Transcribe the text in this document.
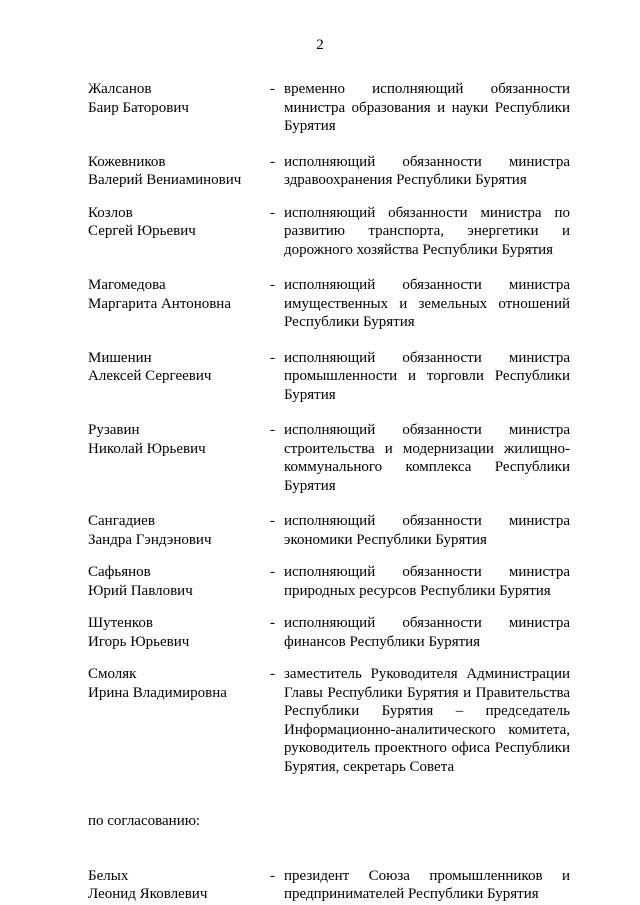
2
Жалсанов
Баир Баторович
- временно исполняющий обязанности министра образования и науки Республики Бурятия
Кожевников
Валерий Вениаминович
- исполняющий обязанности министра здравоохранения Республики Бурятия
Козлов
Сергей Юрьевич
- исполняющий обязанности министра по развитию транспорта, энергетики и дорожного хозяйства Республики Бурятия
Магомедова
Маргарита Антоновна
- исполняющий обязанности министра имущественных и земельных отношений Республики Бурятия
Мишенин
Алексей Сергеевич
- исполняющий обязанности министра промышленности и торговли Республики Бурятия
Рузавин
Николай Юрьевич
- исполняющий обязанности министра строительства и модернизации жилищно-коммунального комплекса Республики Бурятия
Сангадиев
Зандра Гэндэнович
- исполняющий обязанности министра экономики Республики Бурятия
Сафьянов
Юрий Павлович
- исполняющий обязанности министра природных ресурсов Республики Бурятия
Шутенков
Игорь Юрьевич
- исполняющий обязанности министра финансов Республики Бурятия
Смоляк
Ирина Владимировна
- заместитель Руководителя Администрации Главы Республики Бурятия и Правительства Республики Бурятия – председатель Информационно-аналитического комитета, руководитель проектного офиса Республики Бурятия, секретарь Совета
по согласованию:
Белых
Леонид Яковлевич
- президент Союза промышленников и предпринимателей Республики Бурятия
